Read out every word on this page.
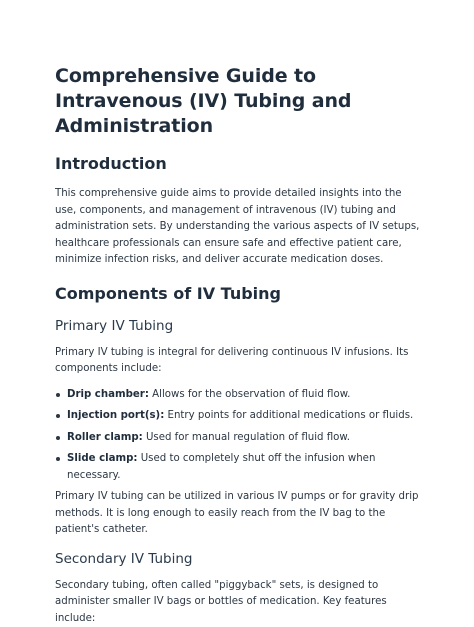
Comprehensive Guide to Intravenous (IV) Tubing and Administration
Introduction

This comprehensive guide aims to provide detailed insights into the use, components, and management of intravenous (IV) tubing and administration sets. By understanding the various aspects of IV setups, healthcare professionals can ensure safe and effective patient care, minimize infection risks, and deliver accurate medication doses.

Components of IV Tubing
Primary IV Tubing

Primary IV tubing is integral for delivering continuous IV infusions. Its components include:

Drip chamber: Allows for the observation of fluid flow.
Injection port(s): Entry points for additional medications or fluids.
Roller clamp: Used for manual regulation of fluid flow.
Slide clamp: Used to completely shut off the infusion when necessary.

Primary IV tubing can be utilized in various IV pumps or for gravity drip methods. It is long enough to easily reach from the IV bag to the patient's catheter.

Secondary IV Tubing

Secondary tubing, often called "piggyback" sets, is designed to administer smaller IV bags or bottles of medication. Key features include:
